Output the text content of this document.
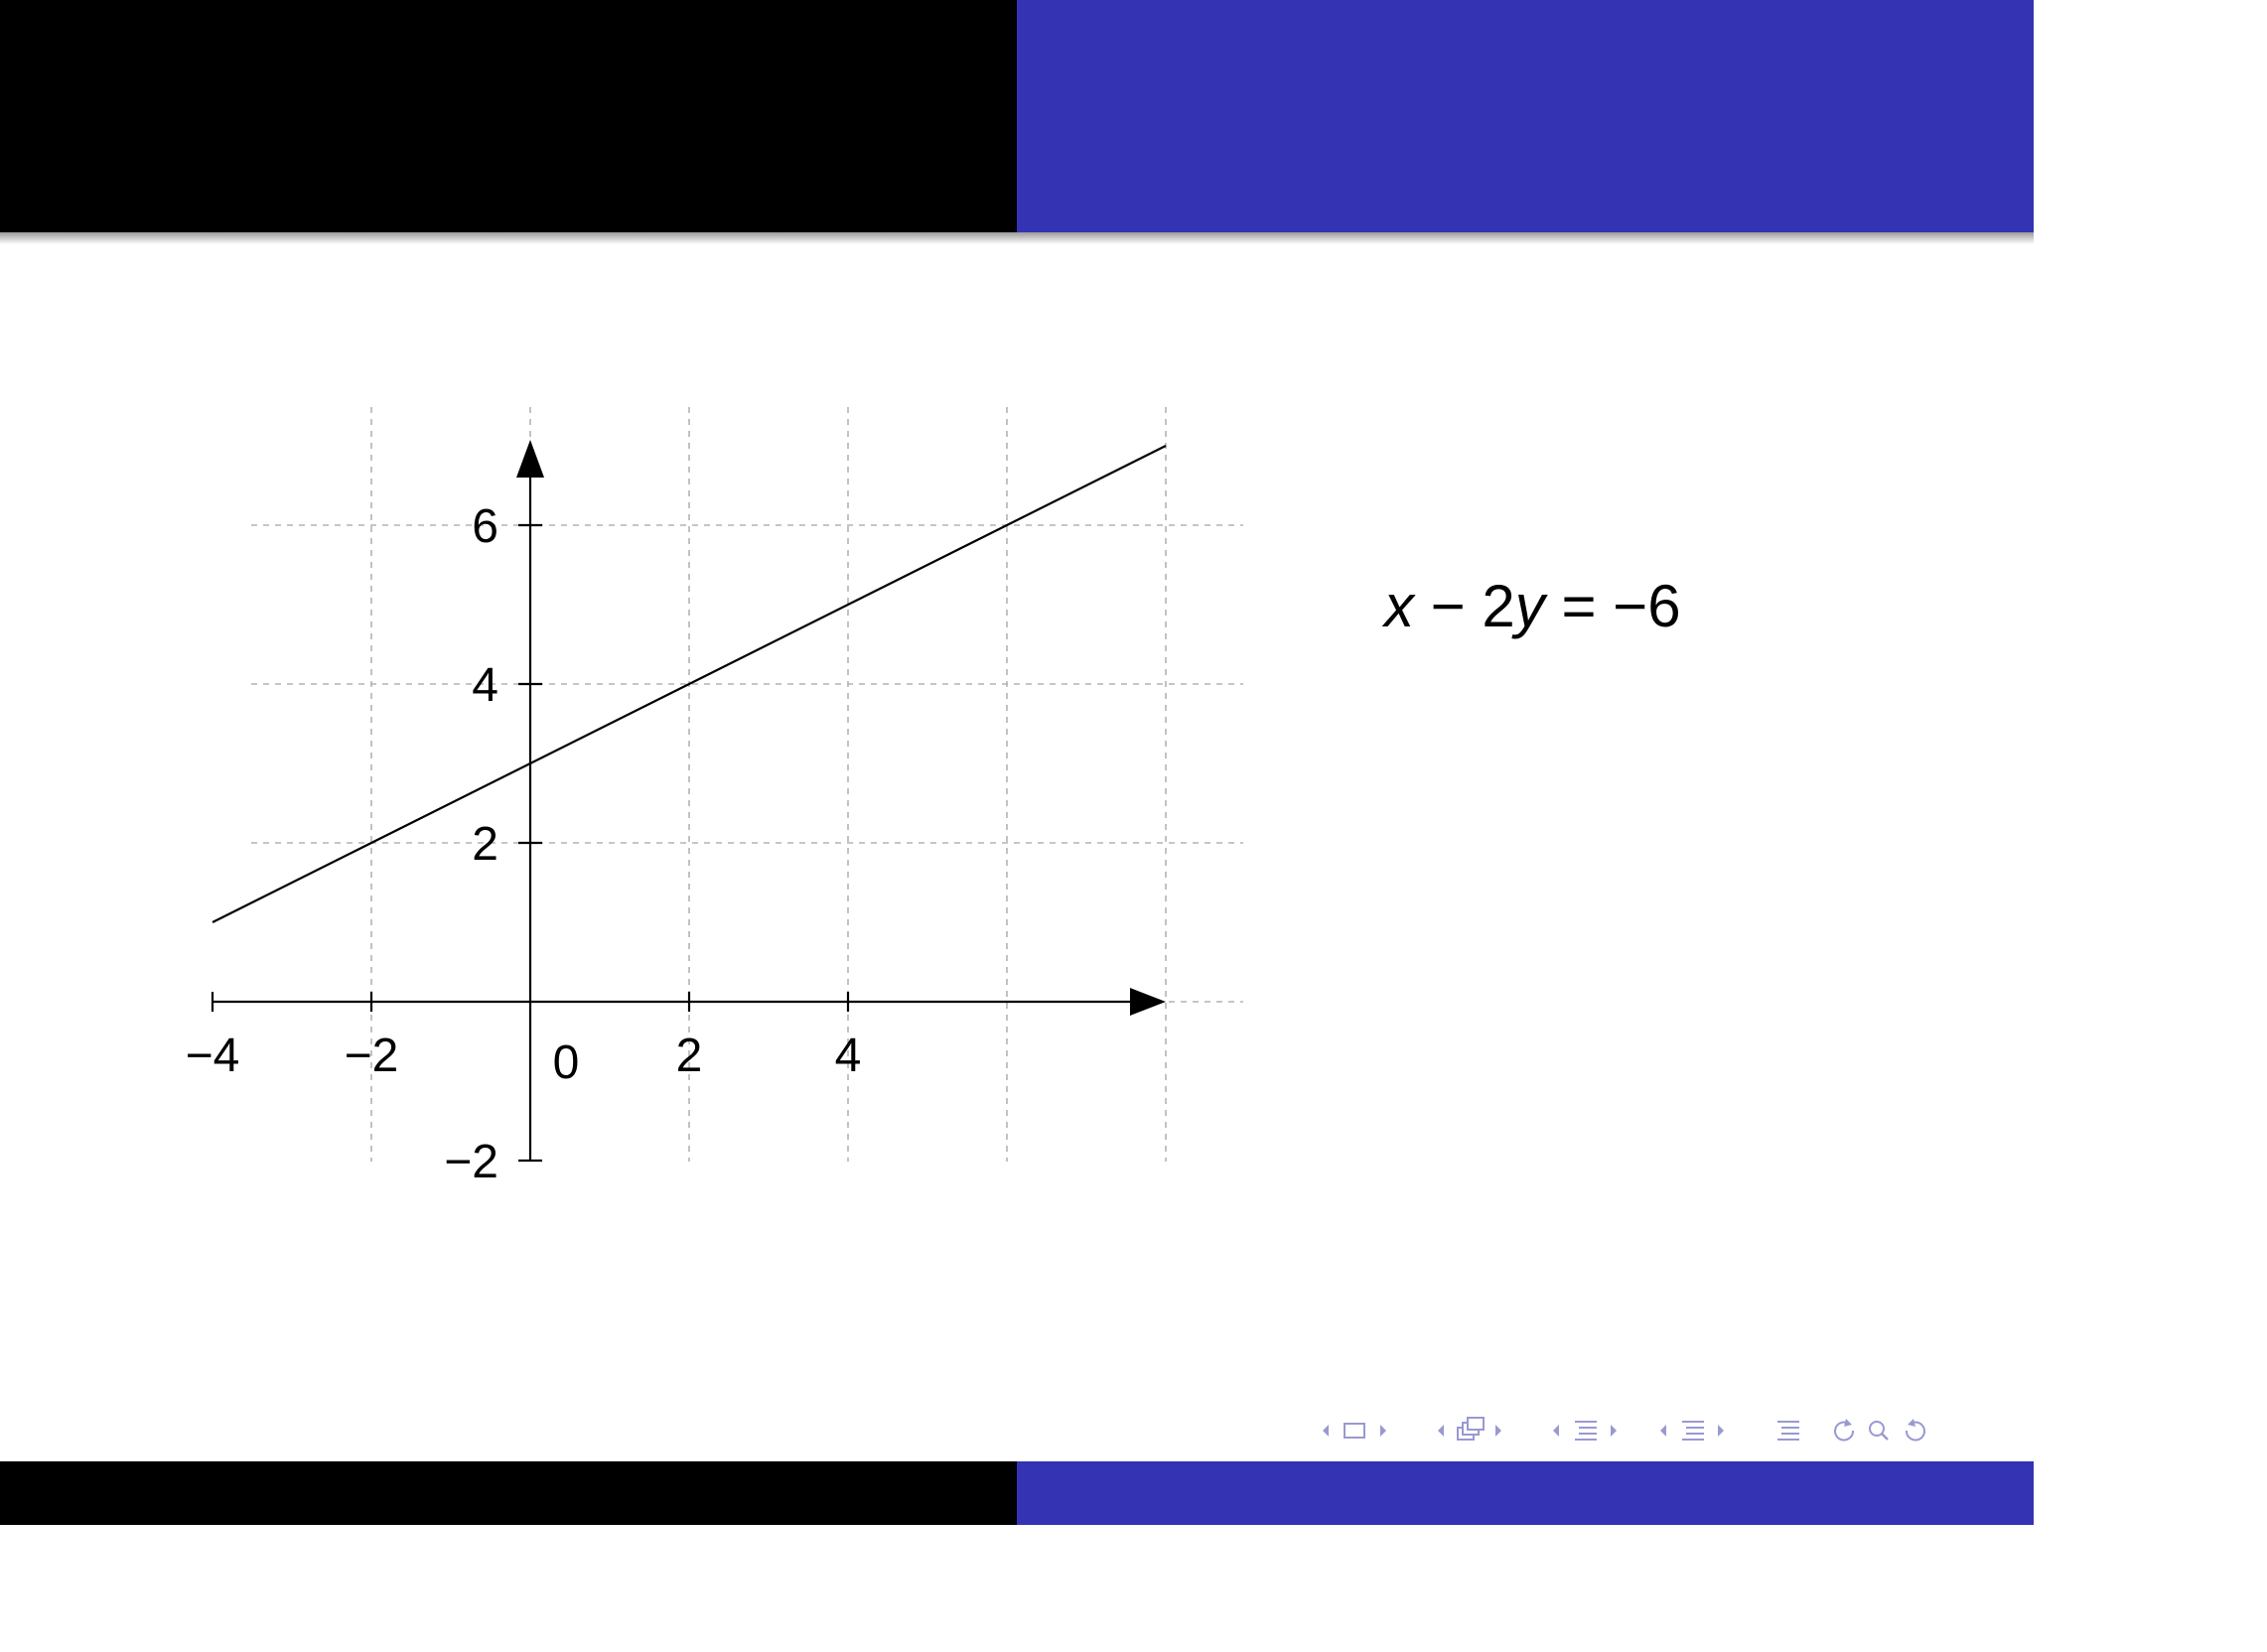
−4 −2	2	4
−2
2
4
6
0
x − 2y = −6
Math 1300 Finite Mathematics
